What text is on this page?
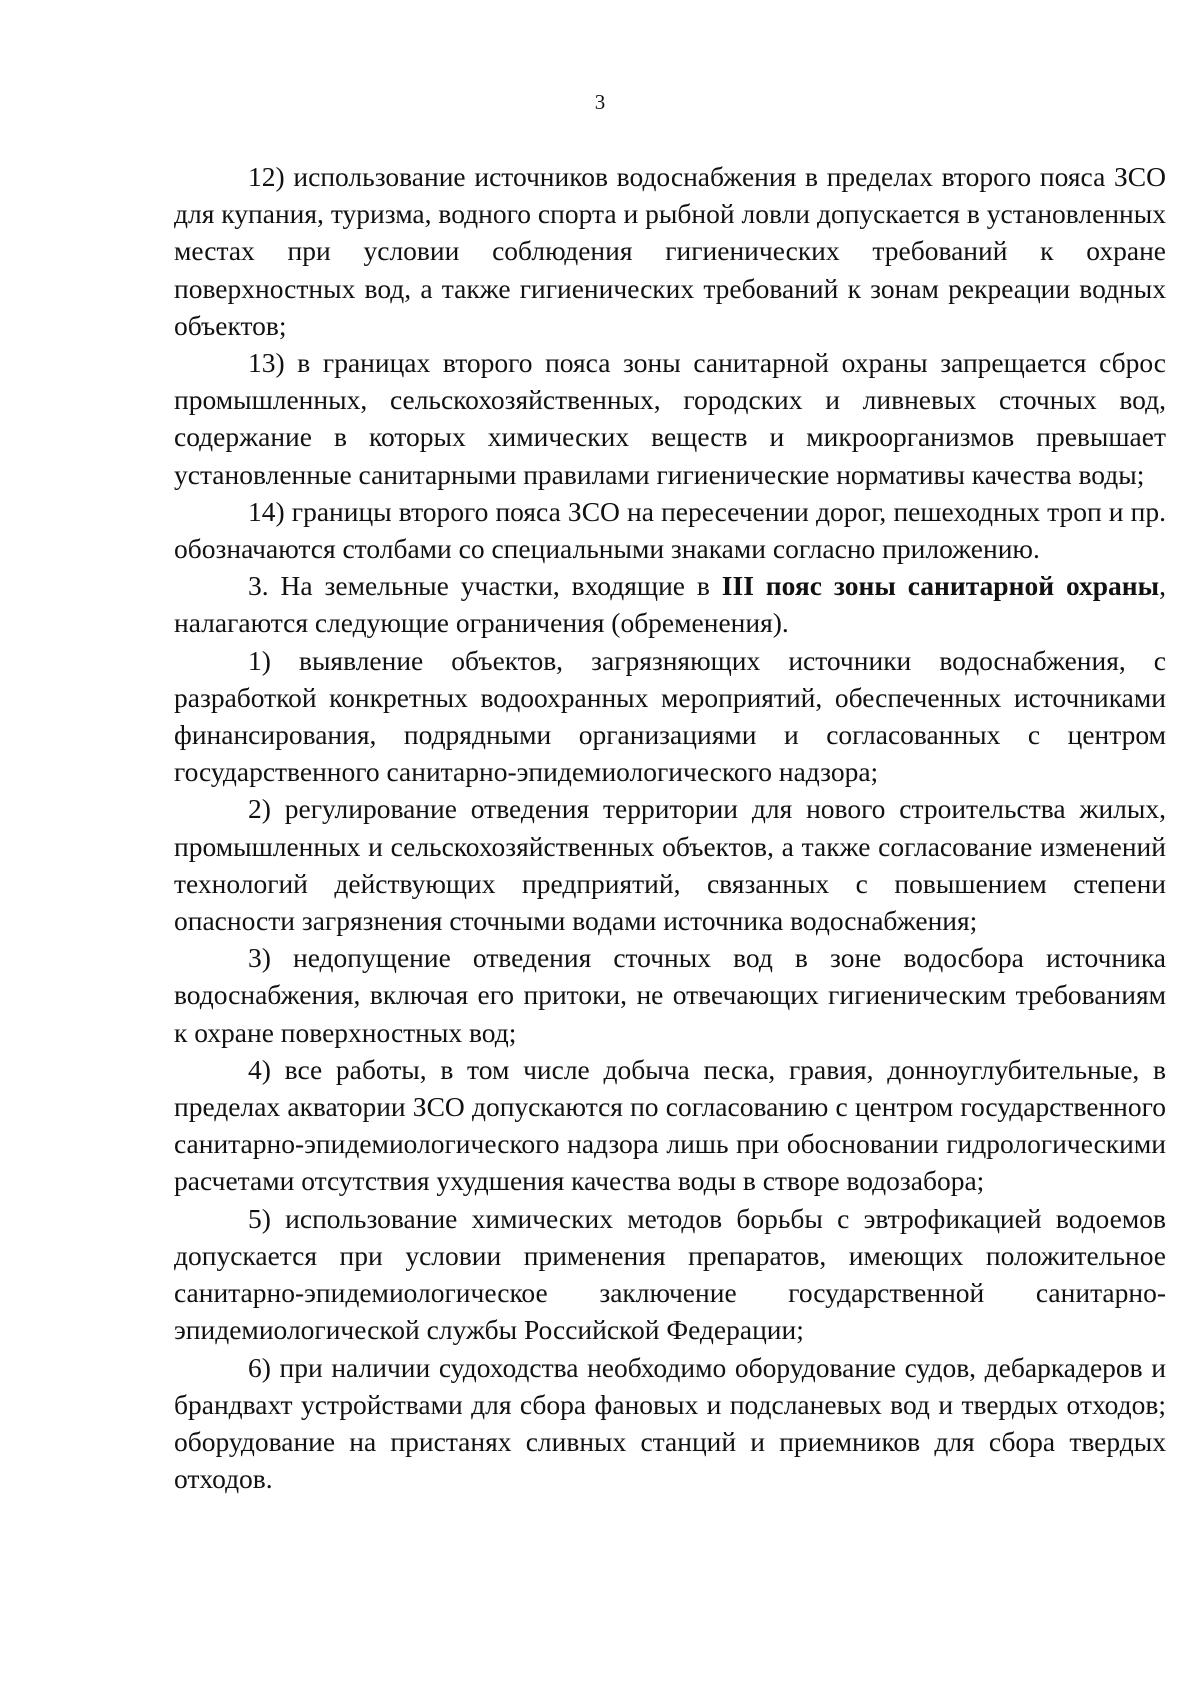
3

12) использование источников водоснабжения в пределах второго пояса ЗСО для купания, туризма, водного спорта и рыбной ловли допускается в установленных местах при условии соблюдения гигиенических требований к охране поверхностных вод, а также гигиенических требований к зонам рекреации водных объектов;

13) в границах второго пояса зоны санитарной охраны запрещается сброс промышленных, сельскохозяйственных, городских и ливневых сточных вод, содержание в которых химических веществ и микроорганизмов превышает установленные санитарными правилами гигиенические нормативы качества воды;

14) границы второго пояса ЗСО на пересечении дорог, пешеходных троп и пр. обозначаются столбами со специальными знаками согласно приложению.

3. На земельные участки, входящие в III пояс зоны санитарной охраны, налагаются следующие ограничения (обременения).

1) выявление объектов, загрязняющих источники водоснабжения, с разработкой конкретных водоохранных мероприятий, обеспеченных источниками финансирования, подрядными организациями и согласованных с центром государственного санитарно-эпидемиологического надзора;

2) регулирование отведения территории для нового строительства жилых, промышленных и сельскохозяйственных объектов, а также согласование изменений технологий действующих предприятий, связанных с повышением степени опасности загрязнения сточными водами источника водоснабжения;

3) недопущение отведения сточных вод в зоне водосбора источника водоснабжения, включая его притоки, не отвечающих гигиеническим требованиям к охране поверхностных вод;

4) все работы, в том числе добыча песка, гравия, донноуглубительные, в пределах акватории ЗСО допускаются по согласованию с центром государственного санитарно-эпидемиологического надзора лишь при обосновании гидрологическими расчетами отсутствия ухудшения качества воды в створе водозабора;

5) использование химических методов борьбы с эвтрофикацией водоемов допускается при условии применения препаратов, имеющих положительное санитарно-эпидемиологическое заключение государственной санитарно-эпидемиологической службы Российской Федерации;

6) при наличии судоходства необходимо оборудование судов, дебаркадеров и брандвахт устройствами для сбора фановых и подсланевых вод и твердых отходов; оборудование на пристанях сливных станций и приемников для сбора твердых отходов.
